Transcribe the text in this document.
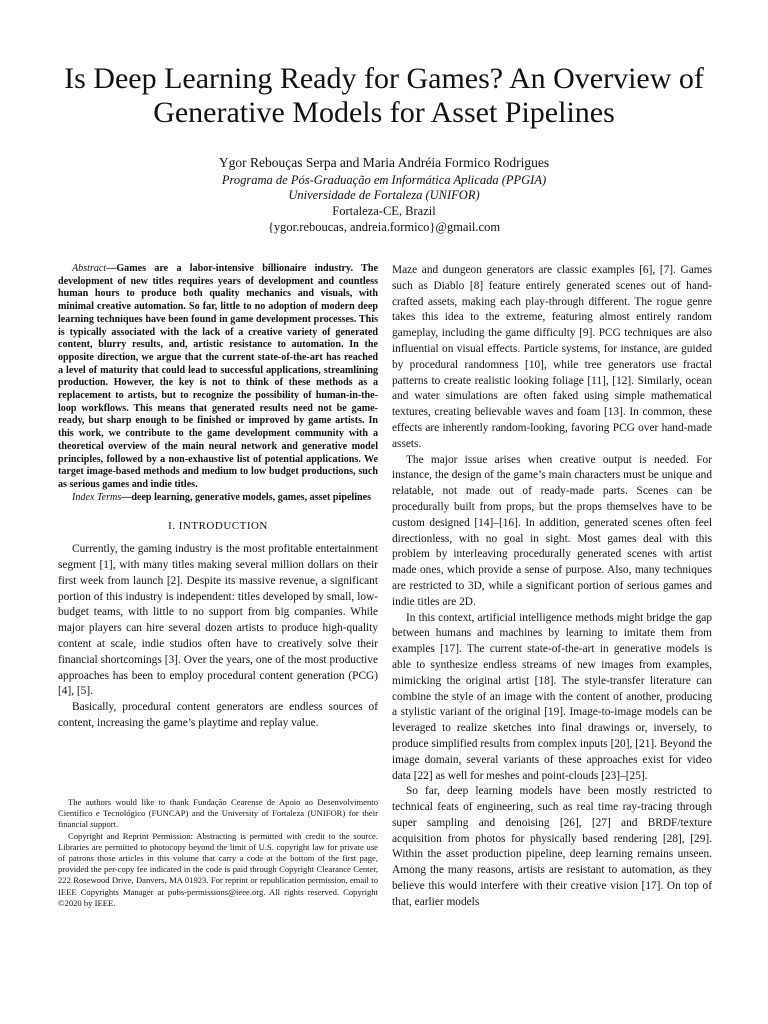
Is Deep Learning Ready for Games? An Overview of Generative Models for Asset Pipelines
Ygor Rebouças Serpa and Maria Andréia Formico Rodrigues
Programa de Pós-Graduação em Informática Aplicada (PPGIA)
Universidade de Fortaleza (UNIFOR)
Fortaleza-CE, Brazil
{ygor.reboucas, andreia.formico}@gmail.com

Abstract—Games are a labor-intensive billionaire industry. The development of new titles requires years of development and countless human hours to produce both quality mechanics and visuals, with minimal creative automation. So far, little to no adoption of modern deep learning techniques have been found in game development processes. This is typically associated with the lack of a creative variety of generated content, blurry results, and, artistic resistance to automation. In the opposite direction, we argue that the current state-of-the-art has reached a level of maturity that could lead to successful applications, streamlining production. However, the key is not to think of these methods as a replacement to artists, but to recognize the possibility of human-in-the-loop workflows. This means that generated results need not be game-ready, but sharp enough to be finished or improved by game artists. In this work, we contribute to the game development community with a theoretical overview of the main neural network and generative model principles, followed by a non-exhaustive list of potential applications. We target image-based methods and medium to low budget productions, such as serious games and indie titles.

Index Terms—deep learning, generative models, games, asset pipelines

I. INTRODUCTION

Currently, the gaming industry is the most profitable entertainment segment [1], with many titles making several million dollars on their first week from launch [2]. Despite its massive revenue, a significant portion of this industry is independent: titles developed by small, low-budget teams, with little to no support from big companies. While major players can hire several dozen artists to produce high-quality content at scale, indie studios often have to creatively solve their financial shortcomings [3]. Over the years, one of the most productive approaches has been to employ procedural content generation (PCG) [4], [5].

Basically, procedural content generators are endless sources of content, increasing the game’s playtime and replay value.

The authors would like to thank Fundação Cearense de Apoio ao Desenvolvimento Científico e Tecnológico (FUNCAP) and the University of Fortaleza (UNIFOR) for their financial support.

Copyright and Reprint Permission: Abstracting is permitted with credit to the source. Libraries are permitted to photocopy beyond the limit of U.S. copyright law for private use of patrons those articles in this volume that carry a code at the bottom of the first page, provided the per-copy fee indicated in the code is paid through Copyright Clearance Center, 222 Rosewood Drive, Danvers, MA 01923. For reprint or republication permission, email to IEEE Copyrights Manager at pubs-permissions@ieee.org. All rights reserved. Copyright ©2020 by IEEE.

Maze and dungeon generators are classic examples [6], [7]. Games such as Diablo [8] feature entirely generated scenes out of hand-crafted assets, making each play-through different. The rogue genre takes this idea to the extreme, featuring almost entirely random gameplay, including the game difficulty [9]. PCG techniques are also influential on visual effects. Particle systems, for instance, are guided by procedural randomness [10], while tree generators use fractal patterns to create realistic looking foliage [11], [12]. Similarly, ocean and water simulations are often faked using simple mathematical textures, creating believable waves and foam [13]. In common, these effects are inherently random-looking, favoring PCG over hand-made assets.

The major issue arises when creative output is needed. For instance, the design of the game’s main characters must be unique and relatable, not made out of ready-made parts. Scenes can be procedurally built from props, but the props themselves have to be custom designed [14]–[16]. In addition, generated scenes often feel directionless, with no goal in sight. Most games deal with this problem by interleaving procedurally generated scenes with artist made ones, which provide a sense of purpose. Also, many techniques are restricted to 3D, while a significant portion of serious games and indie titles are 2D.

In this context, artificial intelligence methods might bridge the gap between humans and machines by learning to imitate them from examples [17]. The current state-of-the-art in generative models is able to synthesize endless streams of new images from examples, mimicking the original artist [18]. The style-transfer literature can combine the style of an image with the content of another, producing a stylistic variant of the original [19]. Image-to-image models can be leveraged to realize sketches into final drawings or, inversely, to produce simplified results from complex inputs [20], [21]. Beyond the image domain, several variants of these approaches exist for video data [22] as well for meshes and point-clouds [23]–[25].

So far, deep learning models have been mostly restricted to technical feats of engineering, such as real time ray-tracing through super sampling and denoising [26], [27] and BRDF/texture acquisition from photos for physically based rendering [28], [29]. Within the asset production pipeline, deep learning remains unseen. Among the many reasons, artists are resistant to automation, as they believe this would interfere with their creative vision [17]. On top of that, earlier models
